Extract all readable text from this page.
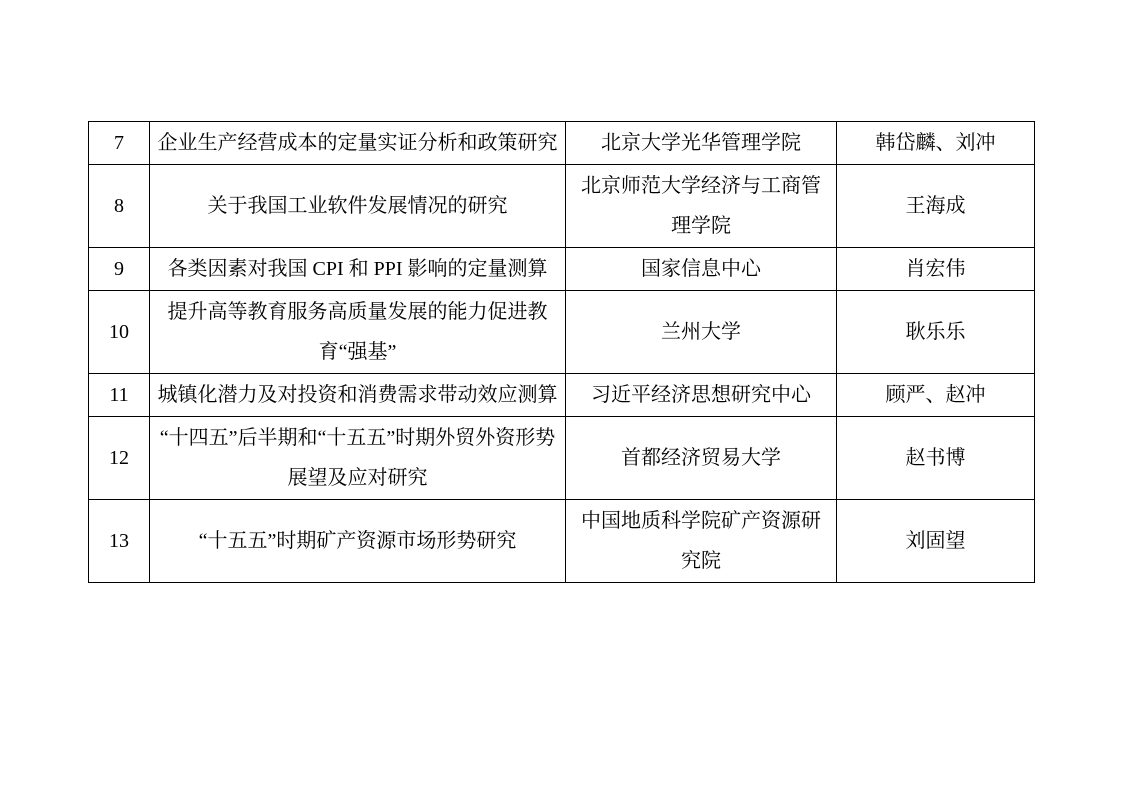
7	企业生产经营成本的定量实证分析和政策研究	北京大学光华管理学院	韩岱麟、刘冲
8	关于我国工业软件发展情况的研究	北京师范大学经济与工商管理学院	王海成
9	各类因素对我国 CPI 和 PPI 影响的定量测算	国家信息中心	肖宏伟
10	提升高等教育服务高质量发展的能力促进教育“强基”	兰州大学	耿乐乐
11	城镇化潜力及对投资和消费需求带动效应测算	习近平经济思想研究中心	顾严、赵冲
12	“十四五”后半期和“十五五”时期外贸外资形势展望及应对研究	首都经济贸易大学	赵书博
13	“十五五”时期矿产资源市场形势研究	中国地质科学院矿产资源研究院	刘固望
